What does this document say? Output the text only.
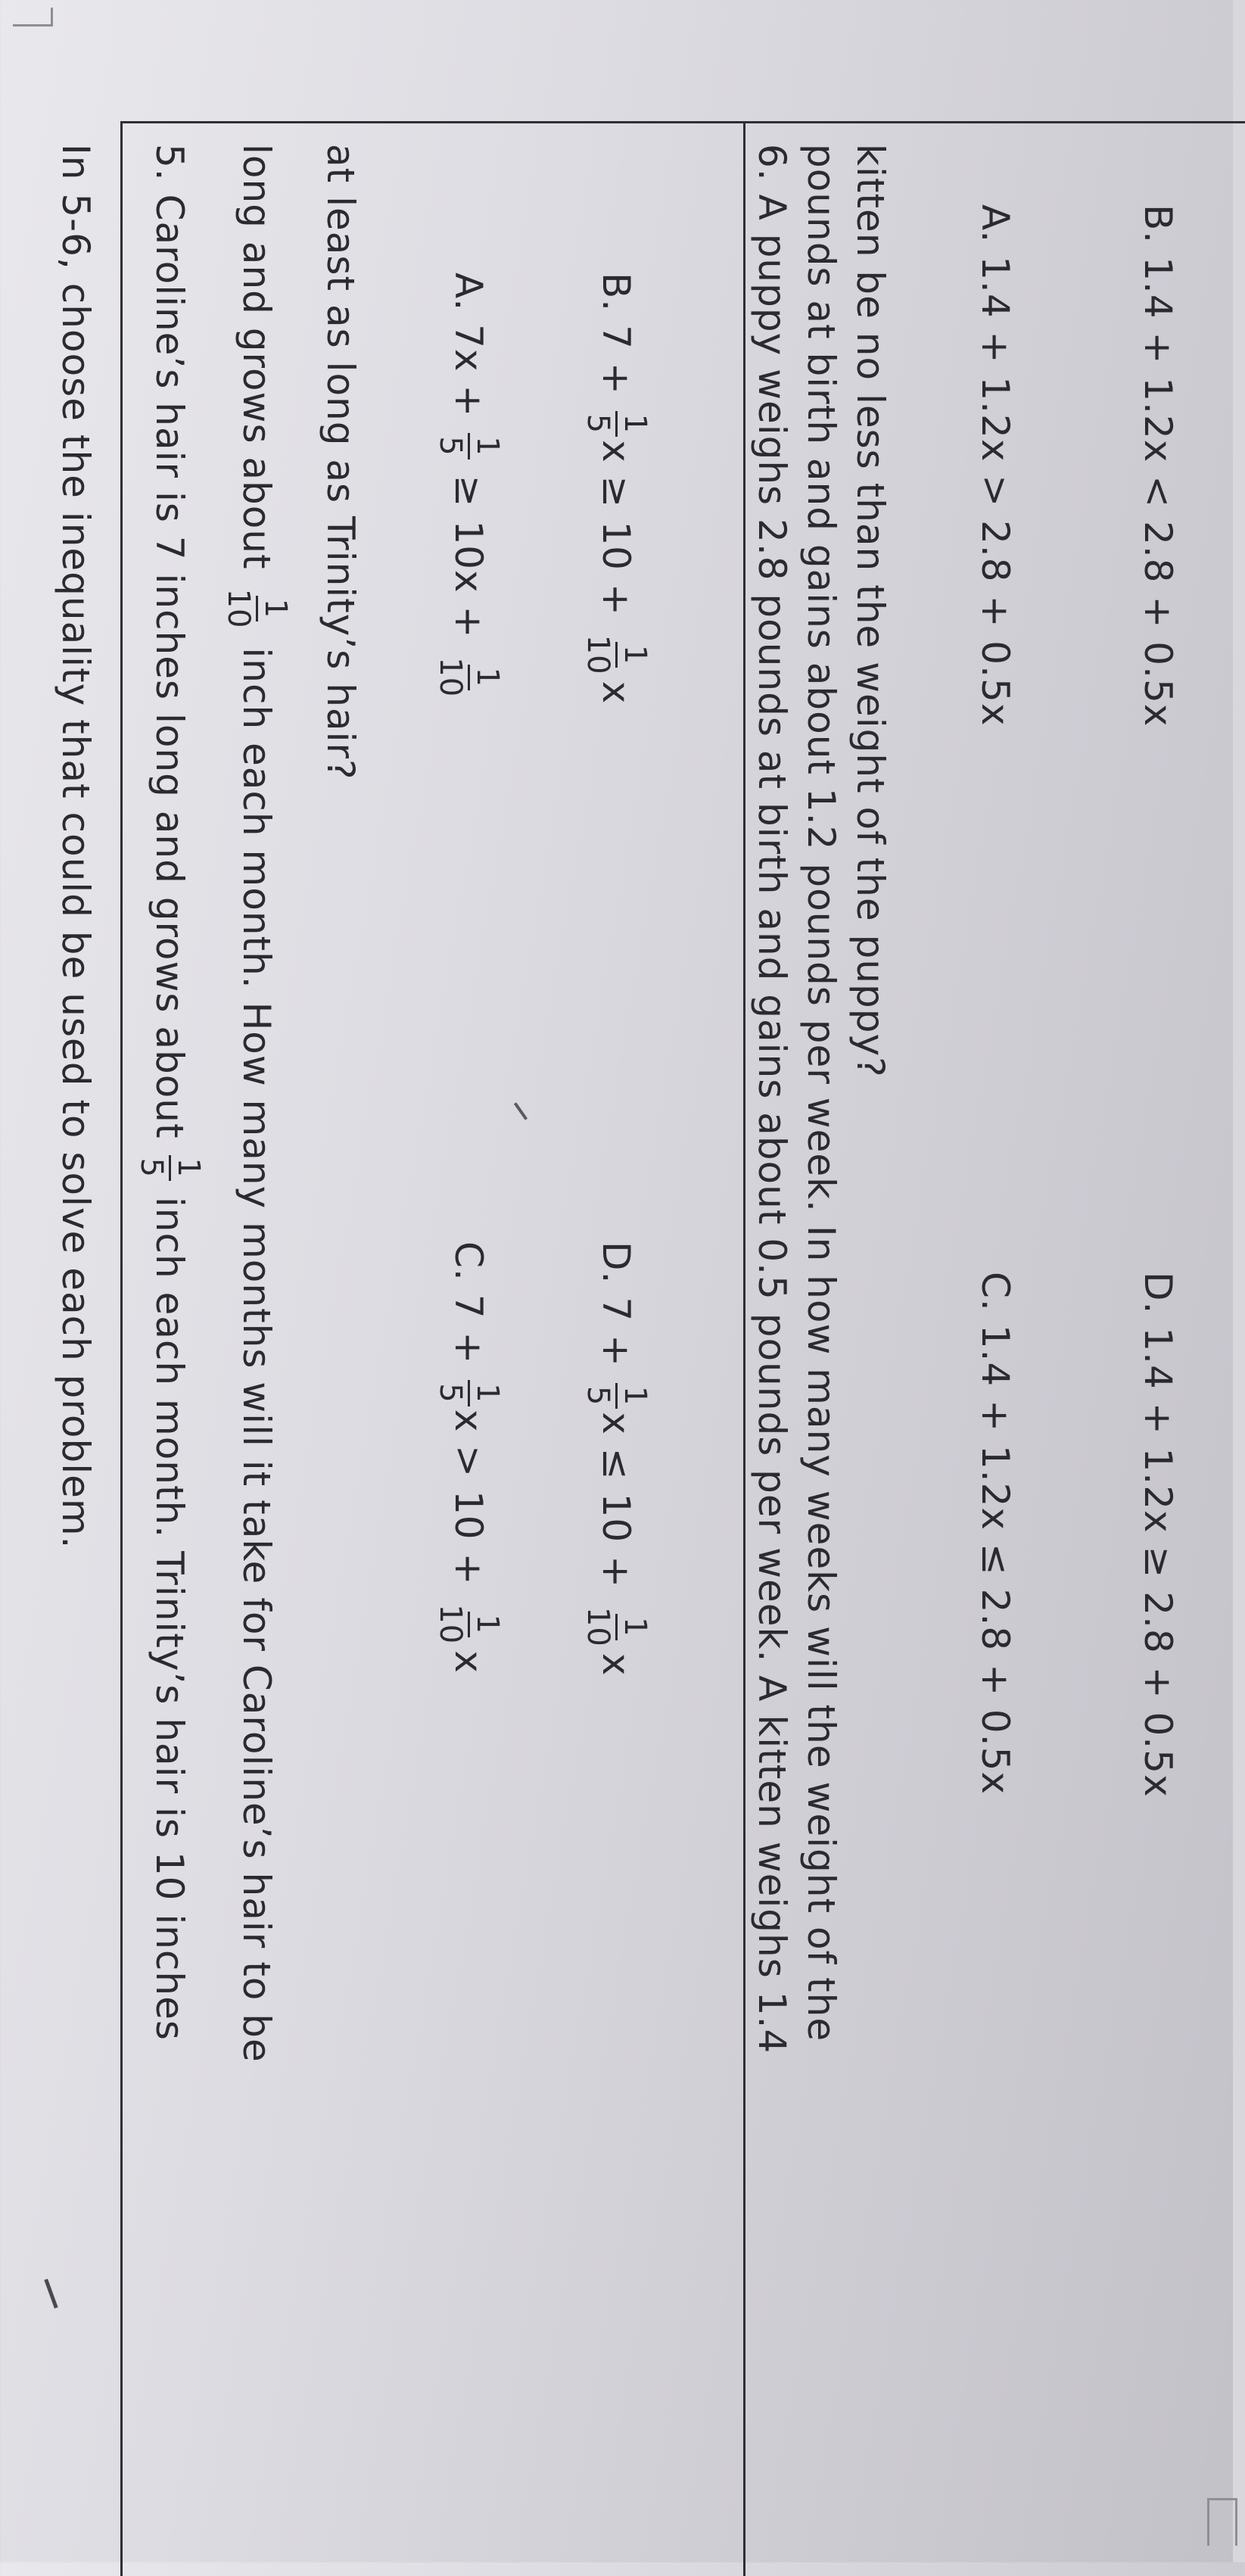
In 5-6, choose the inequality that could be used to solve each problem.	5. Caroline’s hair is 7 inches long and grows about
1
5
inch each month. Trinity’s hair is 10 inches
long and grows about
1
10
inch each month. How many months will it take for Caroline’s hair to be
at least as long as Trinity’s hair?	A. 7x +
1
5
≥ 10x +
1
10
B. 7 +
1
5
x ≥ 10 +
1
10
x
C. 7 +
1
5
x > 10 +
1
10
x
D. 7 +
1
5
x ≤ 10 +
1
10
x	6. A puppy weighs 2.8 pounds at birth and gains about 0.5 pounds per week. A kitten weighs 1.4 pounds at birth and gains about 1.2 pounds per week. In how many weeks will the weight of the kitten be no less than the weight of the puppy? A. 1.4 + 1.2x > 2.8 + 0.5x	B. 1.4 + 1.2x < 2.8 + 0.5x
C. 1.4 + 1.2x ≤ 2.8 + 0.5x	D. 1.4 + 1.2x ≥ 2.8 + 0.5x
